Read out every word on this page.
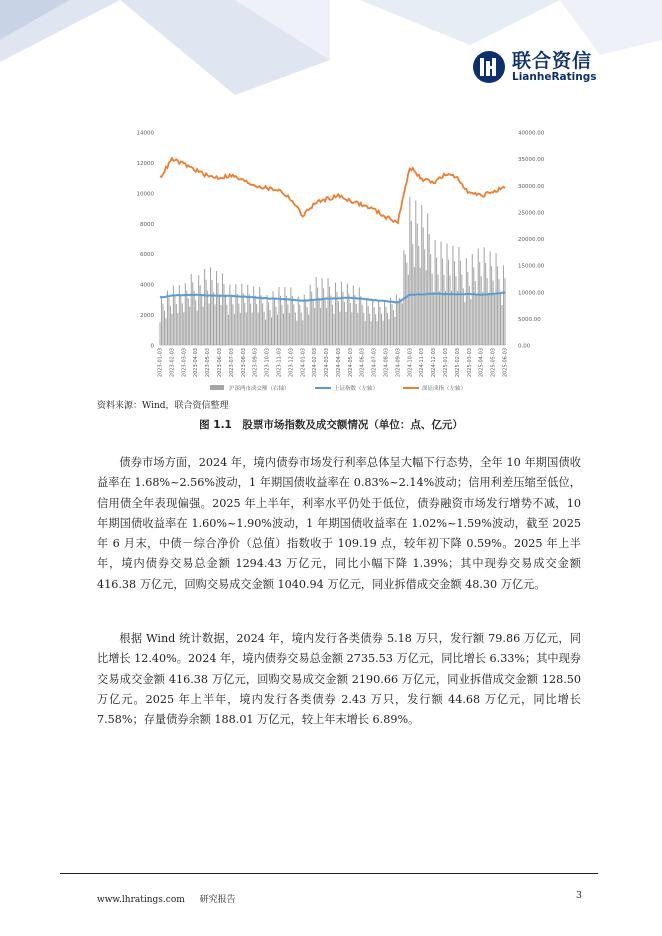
联合资信
LianheRatings
0
2000
4000
6000
8000
10000
12000
14000
0.00
5000.00
10000.00
15000.00
20000.00
25000.00
30000.00
35000.00
40000.00
2023-01-03 2023-02-03 2023-03-03 2023-04-03 2023-05-03 2023-06-03 2023-07-03 2023-08-03 2023-09-03 2023-10-03 2023-11-03 2023-12-03 2024-01-03 2024-02-03 2024-03-03 2024-04-03 2024-05-03 2024-06-03 2024-07-03 2024-08-03 2024-09-03 2024-10-03 2024-11-03 2024-12-03 2025-01-03 2025-02-03 2025-03-03 2025-04-03 2025-05-03 2025-06-03
沪深两市成交额（右轴）	上证指数（左轴）	深证成指（左轴）
资料来源：Wind，联合资信整理
图 1.1　股票市场指数及成交额情况（单位：点、亿元）

债券市场方面，2024 年，境内债券市场发行利率总体呈大幅下行态势，全年 10 年期国债收益率在 1.68%~2.56%波动，1 年期国债收益率在 0.83%~2.14%波动；信用利差压缩至低位，信用债全年表现偏强。2025 年上半年，利率水平仍处于低位，债券融资市场发行增势不减，10 年期国债收益率在 1.60%~1.90%波动，1 年期国债收益率在 1.02%~1.59%波动，截至 2025 年 6 月末，中债－综合净价（总值）指数收于 109.19 点，较年初下降 0.59%。2025 年上半年，境内债券交易总金额 1294.43 万亿元，同比小幅下降 1.39%；其中现券交易成交金额 416.38 万亿元，回购交易成交金额 1040.94 万亿元，同业拆借成交金额 48.30 万亿元。

根据 Wind 统计数据，2024 年，境内发行各类债券 5.18 万只，发行额 79.86 万亿元，同比增长 12.40%。2024 年，境内债券交易总金额 2735.53 万亿元，同比增长 6.33%；其中现券交易成交金额 416.38 万亿元，回购交易成交金额 2190.66 万亿元，同业拆借成交金额 128.50 万亿元。2025 年上半年，境内发行各类债券 2.43 万只，发行额 44.68 万亿元，同比增长 7.58%；存量债券余额 188.01 万亿元，较上年末增长 6.89%。

www.lhratings.com 研究报告	3
